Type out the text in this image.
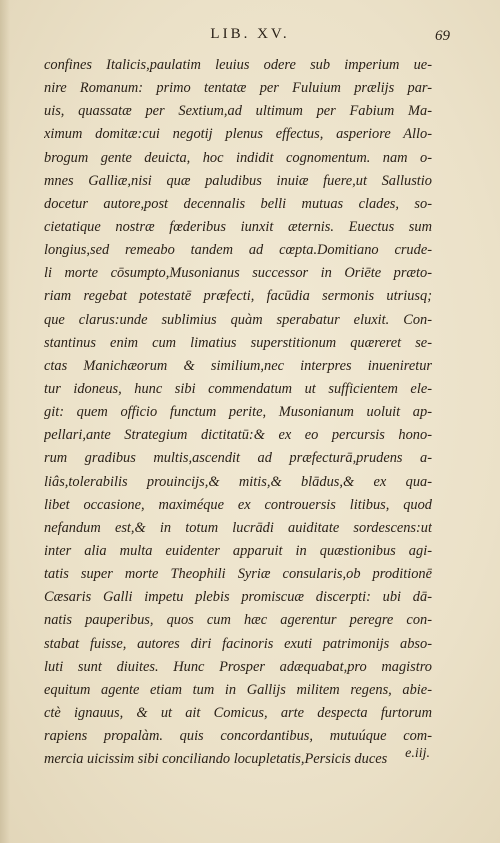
LIB. XV.	69
confines Italicis,paulatim leuius odere sub imperium ue-
nire Romanum: primo tentatæ per Fuluium prælijs par-
uis, quassatæ per Sextium,ad ultimum per Fabium Ma-
ximum domitæ:cui negotij plenus effectus, asperiore Allo-
brogum gente deuicta, hoc indidit cognomentum. nam o-
mnes Galliæ,nisi quæ paludibus inuiæ fuere,ut Sallustio
docetur autore,post decennalis belli mutuas clades, so-
cietatique nostræ fœderibus iunxit æternis. Euectus sum
longius,sed remeabo tandem ad cœpta.Domitiano crude-
li morte cōsumpto,Musonianus successor in Oriēte præto-
riam regebat potestatē præfecti, facūdia sermonis utriusq;
que clarus:unde sublimius quàm sperabatur eluxit. Con-
stantinus enim cum limatius superstitionum quæreret se-
ctas Manichæorum & similium,nec interpres inueniretur
tur idoneus, hunc sibi commendatum ut sufficientem ele-
git: quem officio functum perite, Musonianum uoluit ap-
pellari,ante Strategium dictitatū:& ex eo percursis hono-
rum gradibus multis,ascendit ad præfecturā,prudens a-
liâs,tolerabilis prouincijs,& mitis,& blādus,& ex qua-
libet occasione, maximéque ex controuersis litibus, quod
nefandum est,& in totum lucrādi auiditate sordescens:ut
inter alia multa euidenter apparuit in quæstionibus agi-
tatis super morte Theophili Syriæ consularis,ob proditionē
Cæsaris Galli impetu plebis promiscuæ discerpti: ubi dā-
natis pauperibus, quos cum hæc agerentur peregre con-
stabat fuisse, autores diri facinoris exuti patrimonijs abso-
luti sunt diuites. Hunc Prosper adæquabat,pro magistro
equitum agente etiam tum in Gallijs militem regens, abie-
ctè ignauus, & ut ait Comicus, arte despecta furtorum
rapiens propalàm. quis concordantibus, mutuúque com-
mercia uicissim sibi conciliando locupletatis,Persicis duces	e.iij.
